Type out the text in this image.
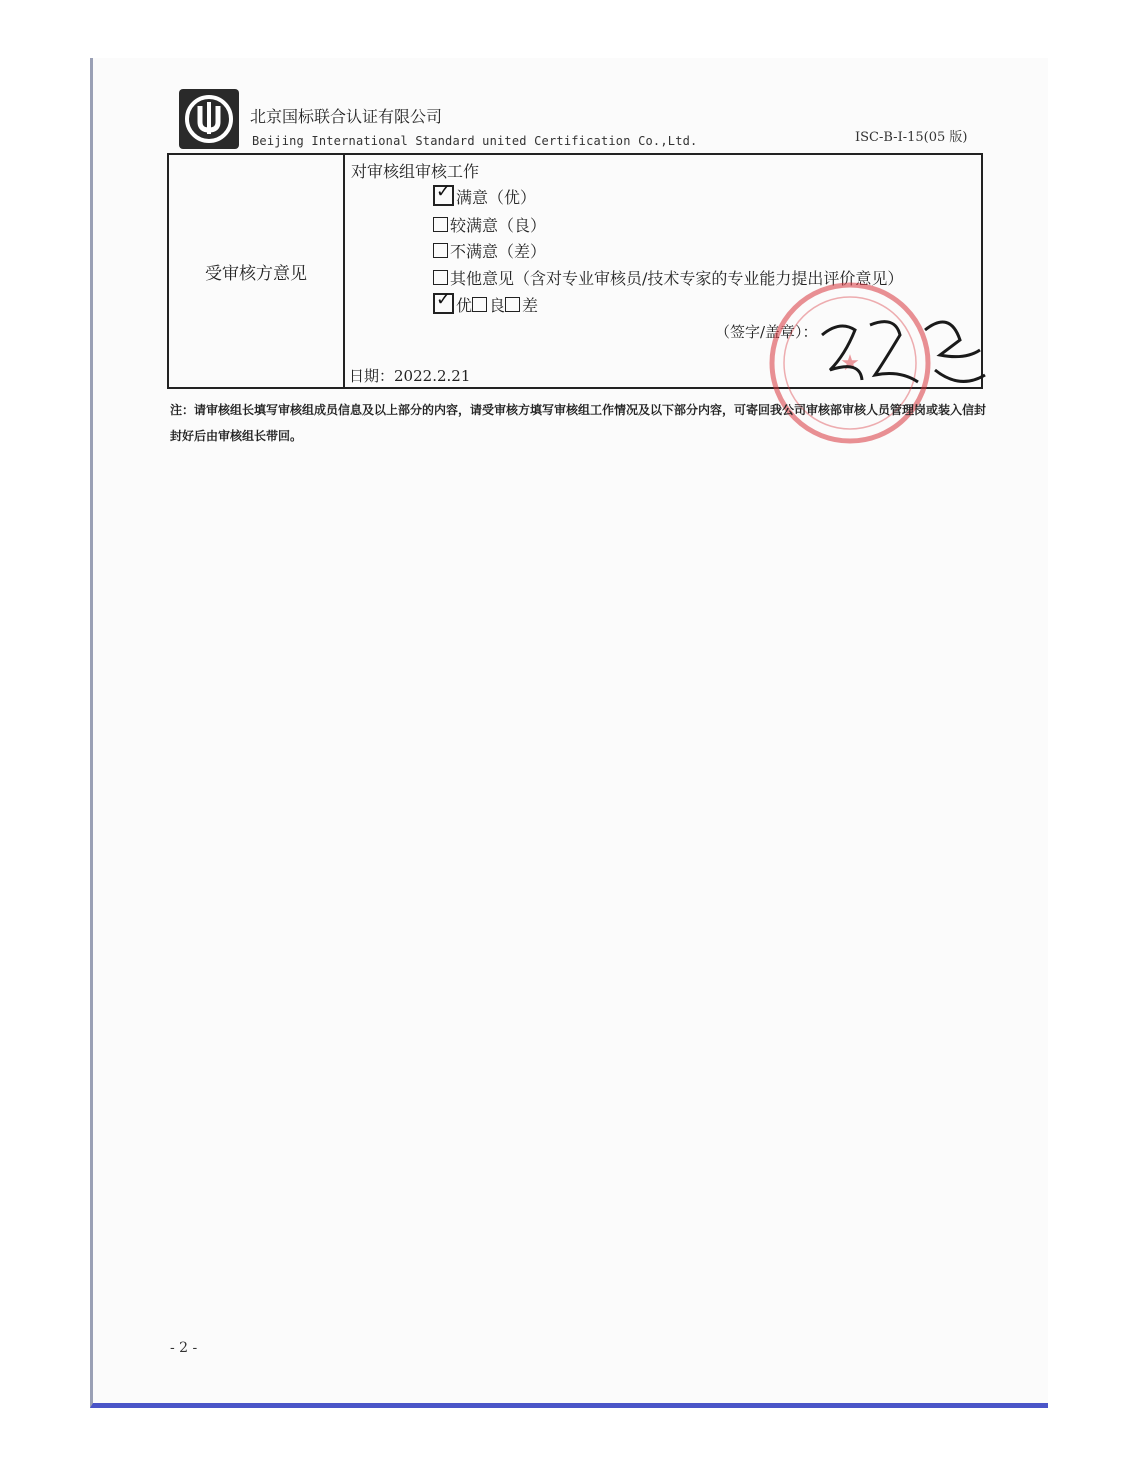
北京国标联合认证有限公司
Beijing International Standard united Certification Co.,Ltd.	ISC-B-I-15(05 版)
受审核方意见	
对审核组审核工作
✓ 满意（优）
较满意（良）
不满意（差）
其他意见（含对专业审核员/技术专家的专业能力提出评价意见）
✓ 优 良 差
（签字/盖章）：
日期：2022.2.21	★
注：请审核组长填写审核组成员信息及以上部分的内容，请受审核方填写审核组工作情况及以下部分内容，可寄回我公司审核部审核人员管理岗或装入信封封好后由审核组长带回。
- 2 -
